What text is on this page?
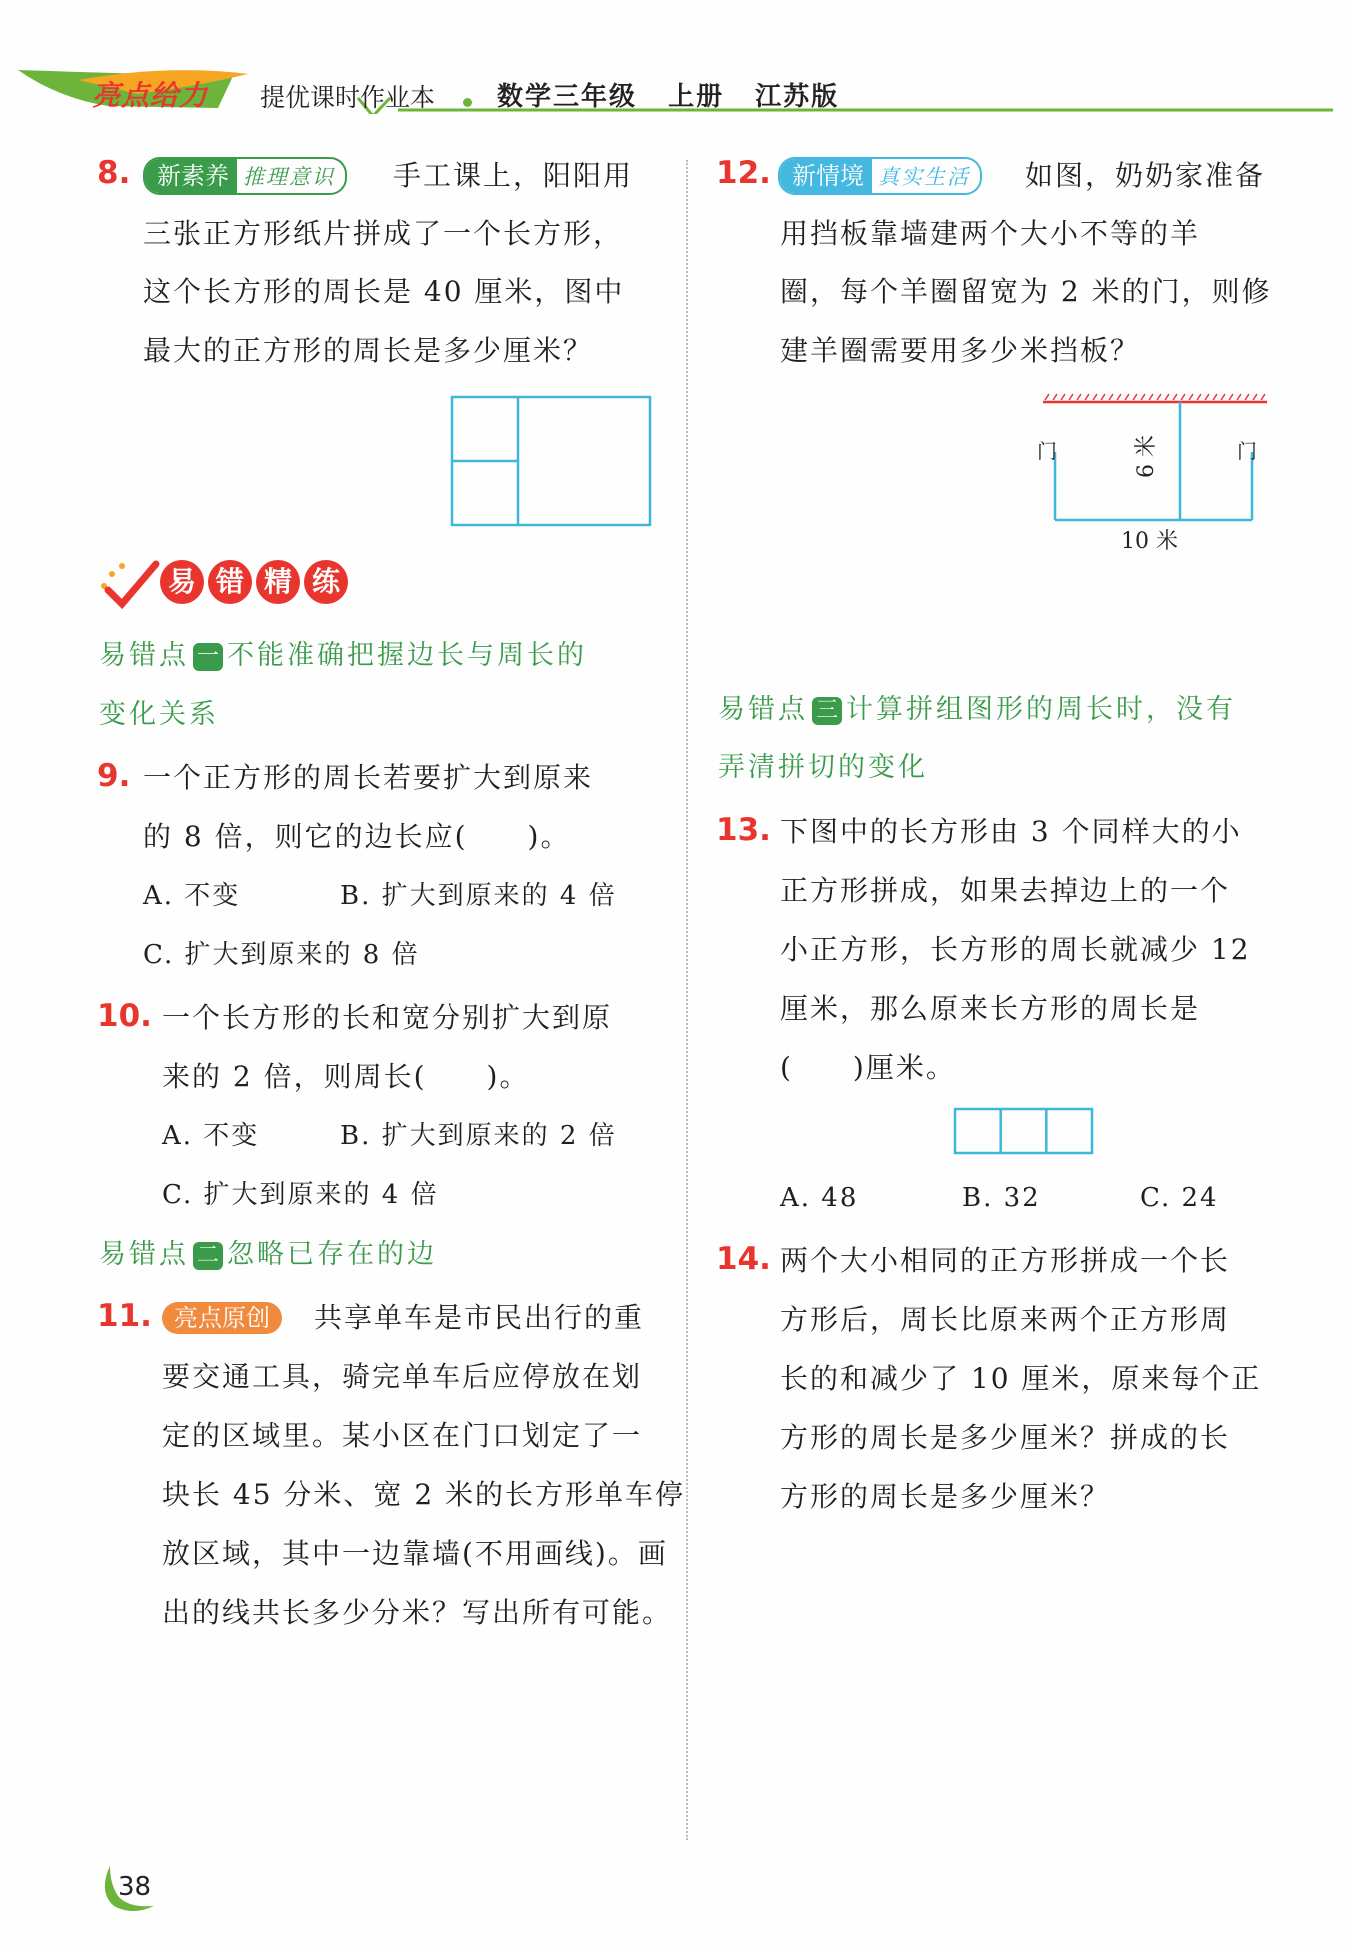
亮点给力 提优课时作业本 数学三年级 上册 江苏版
8.	新素养 推理意识	手工课上，阳阳用
三张正方形纸片拼成了一个长方形，
这个长方形的周长是 40 厘米，图中
最大的正方形的周长是多少厘米？
易 错 精 练
易错点 一 不能准确把握边长与周长的
变化关系
9. 一个正方形的周长若要扩大到原来
的 8 倍，则它的边长应(　　)。
A. 不变	B. 扩大到原来的 4 倍
C. 扩大到原来的 8 倍
10. 一个长方形的长和宽分别扩大到原
来的 2 倍，则周长(　　)。
A. 不变	B. 扩大到原来的 2 倍
C. 扩大到原来的 4 倍
易错点 二 忽略已存在的边
11. 亮点原创	共享单车是市民出行的重
要交通工具，骑完单车后应停放在划
定的区域里。某小区在门口划定了一
块长 45 分米、宽 2 米的长方形单车停
放区域，其中一边靠墙(不用画线)。画
出的线共长多少分米？写出所有可能。
12. 新情境 真实生活	如图，奶奶家准备
用挡板靠墙建两个大小不等的羊
圈，每个羊圈留宽为 2 米的门，则修
建羊圈需要用多少米挡板？
门	门
6 米
10 米
易错点 三 计算拼组图形的周长时，没有
弄清拼切的变化
13. 下图中的长方形由 3 个同样大的小
正方形拼成，如果去掉边上的一个
小正方形，长方形的周长就减少 12
厘米，那么原来长方形的周长是
(　　)厘米。
A. 48	B. 32	C. 24
14. 两个大小相同的正方形拼成一个长
方形后，周长比原来两个正方形周
长的和减少了 10 厘米，原来每个正
方形的周长是多少厘米？拼成的长
方形的周长是多少厘米？
38
